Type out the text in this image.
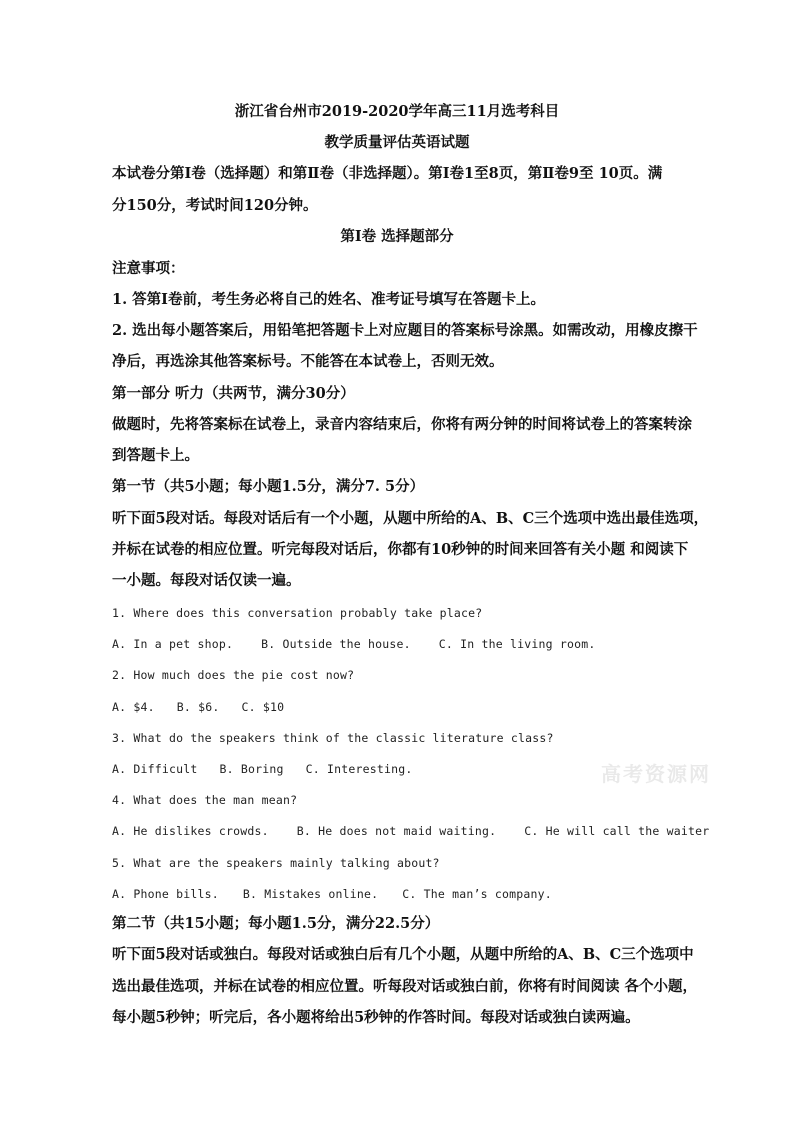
浙江省台州市2019-2020学年高三11月选考科目
教学质量评估英语试题
本试卷分第Ⅰ卷（选择题）和第Ⅱ卷（非选择题）。第Ⅰ卷1至8页，第Ⅱ卷9至 10页。满
分150分，考试时间120分钟。
第Ⅰ卷 选择题部分
注意事项：
1. 答第Ⅰ卷前，考生务必将自己的姓名、准考证号填写在答题卡上。
2. 选出每小题答案后，用铅笔把答题卡上对应题目的答案标号涂黑。如需改动，用橡皮擦干
净后，再选涂其他答案标号。不能答在本试卷上，否则无效。
第一部分 听力（共两节，满分30分）
做题时，先将答案标在试卷上，录音内容结束后，你将有两分钟的时间将试卷上的答案转涂
到答题卡上。
第一节（共5小题；每小题1.5分，满分7. 5分）
听下面5段对话。每段对话后有一个小题，从题中所给的A、B、C三个选项中选出最佳选项，
并标在试卷的相应位置。听完每段对话后，你都有10秒钟的时间来回答有关小题 和阅读下
一小题。每段对话仅读一遍。
1. Where does this conversation probably take place?
A. In a pet shop. B. Outside the house. C. In the living room.
2. How much does the pie cost now?
A. $4. B. $6. C. $10
3. What do the speakers think of the classic literature class?
A. Difficult B. Boring C. Interesting.
4. What does the man mean?
A. He dislikes crowds. B. He does not maid waiting. C. He will call the waiter
5. What are the speakers mainly talking about?
A. Phone bills. B. Mistakes online. C. The man’s company.
第二节（共15小题；每小题1.5分，满分22.5分）
听下面5段对话或独白。每段对话或独白后有几个小题，从题中所给的A、B、C三个选项中
选出最佳选项，并标在试卷的相应位置。听每段对话或独白前，你将有时间阅读 各个小题，
每小题5秒钟；听完后，各小题将给出5秒钟的作答时间。每段对话或独白读两遍。
高考资源网
